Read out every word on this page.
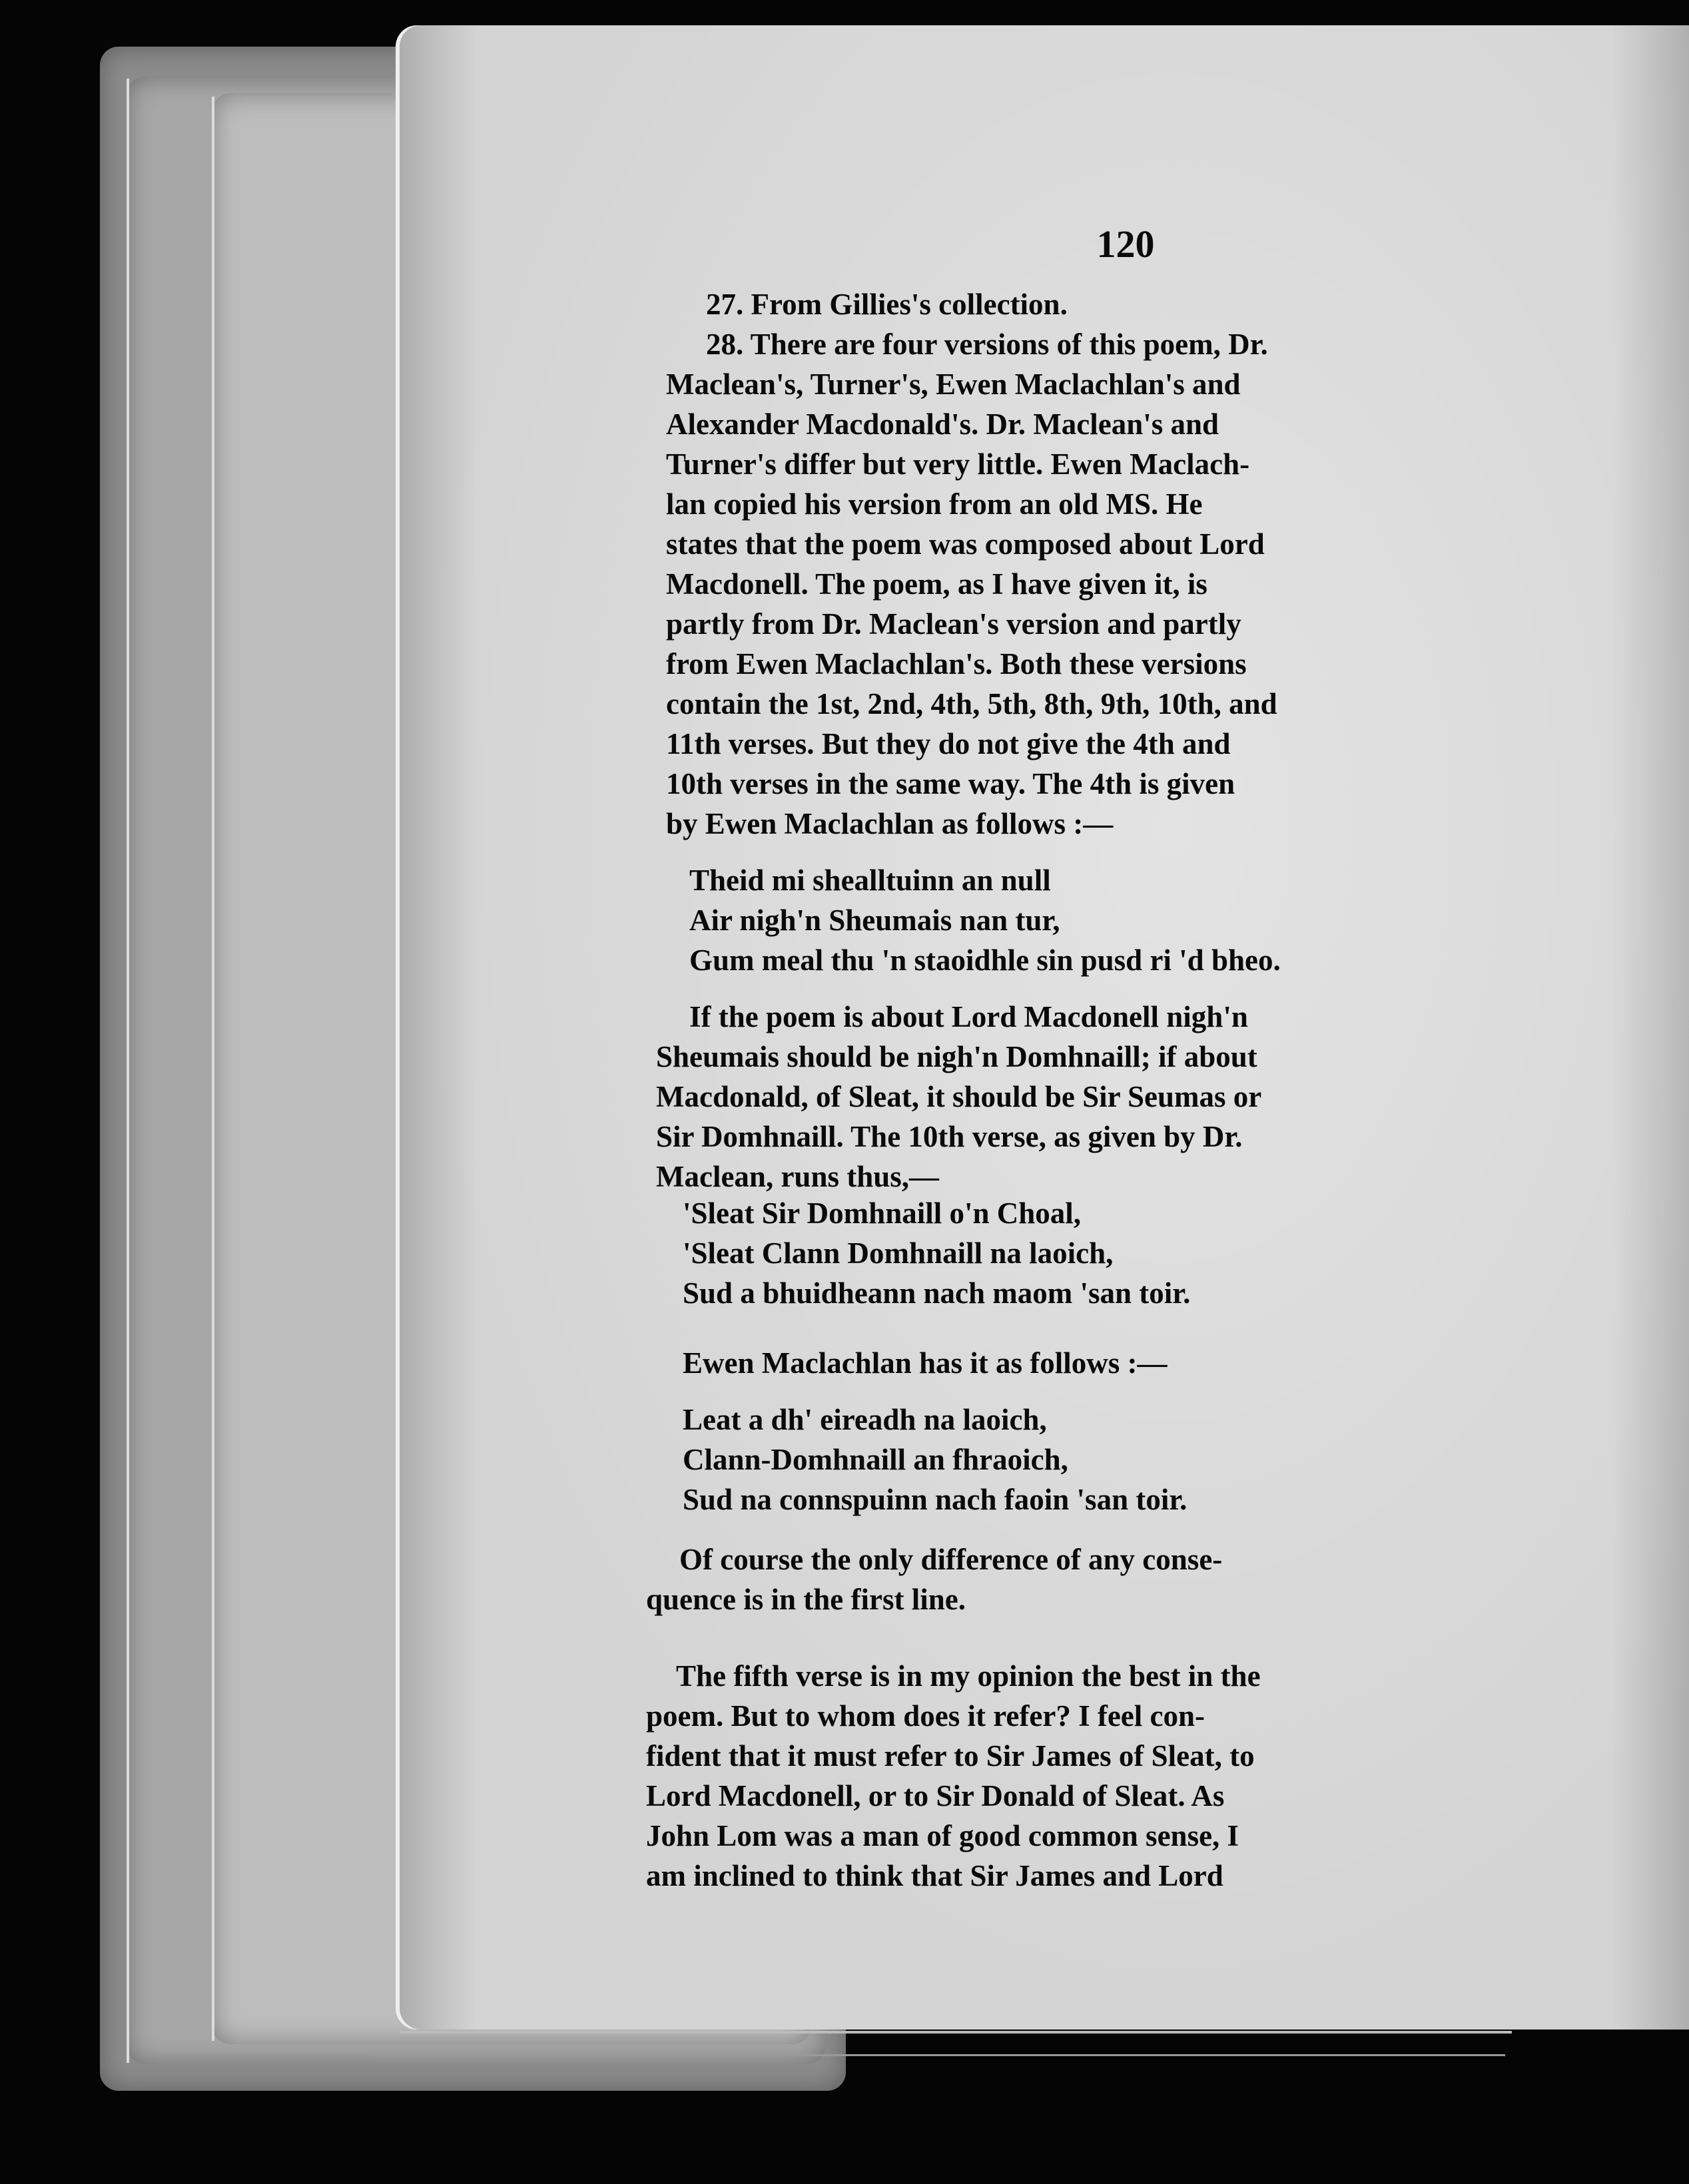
120
27. From Gillies's collection.
28. There are four versions of this poem, Dr.
Maclean's, Turner's, Ewen Maclachlan's and
Alexander Macdonald's. Dr. Maclean's and
Turner's differ but very little. Ewen Maclach-
lan copied his version from an old MS. He
states that the poem was composed about Lord
Macdonell. The poem, as I have given it, is
partly from Dr. Maclean's version and partly
from Ewen Maclachlan's. Both these versions
contain the 1st, 2nd, 4th, 5th, 8th, 9th, 10th, and
11th verses. But they do not give the 4th and
10th verses in the same way. The 4th is given
by Ewen Maclachlan as follows :—
Theid mi shealltuinn an null
Air nigh'n Sheumais nan tur,
Gum meal thu 'n staoidhle sin pusd ri 'd bheo.
If the poem is about Lord Macdonell nigh'n
Sheumais should be nigh'n Domhnaill; if about
Macdonald, of Sleat, it should be Sir Seumas or
Sir Domhnaill. The 10th verse, as given by Dr.
Maclean, runs thus,—
'Sleat Sir Domhnaill o'n Choal,
'Sleat Clann Domhnaill na laoich,
Sud a bhuidheann nach maom 'san toir.
Ewen Maclachlan has it as follows :—
Leat a dh' eireadh na laoich,
Clann-Domhnaill an fhraoich,
Sud na connspuinn nach faoin 'san toir.
Of course the only difference of any conse-
quence is in the first line.
The fifth verse is in my opinion the best in the
poem. But to whom does it refer? I feel con-
fident that it must refer to Sir James of Sleat, to
Lord Macdonell, or to Sir Donald of Sleat. As
John Lom was a man of good common sense, I
am inclined to think that Sir James and Lord
